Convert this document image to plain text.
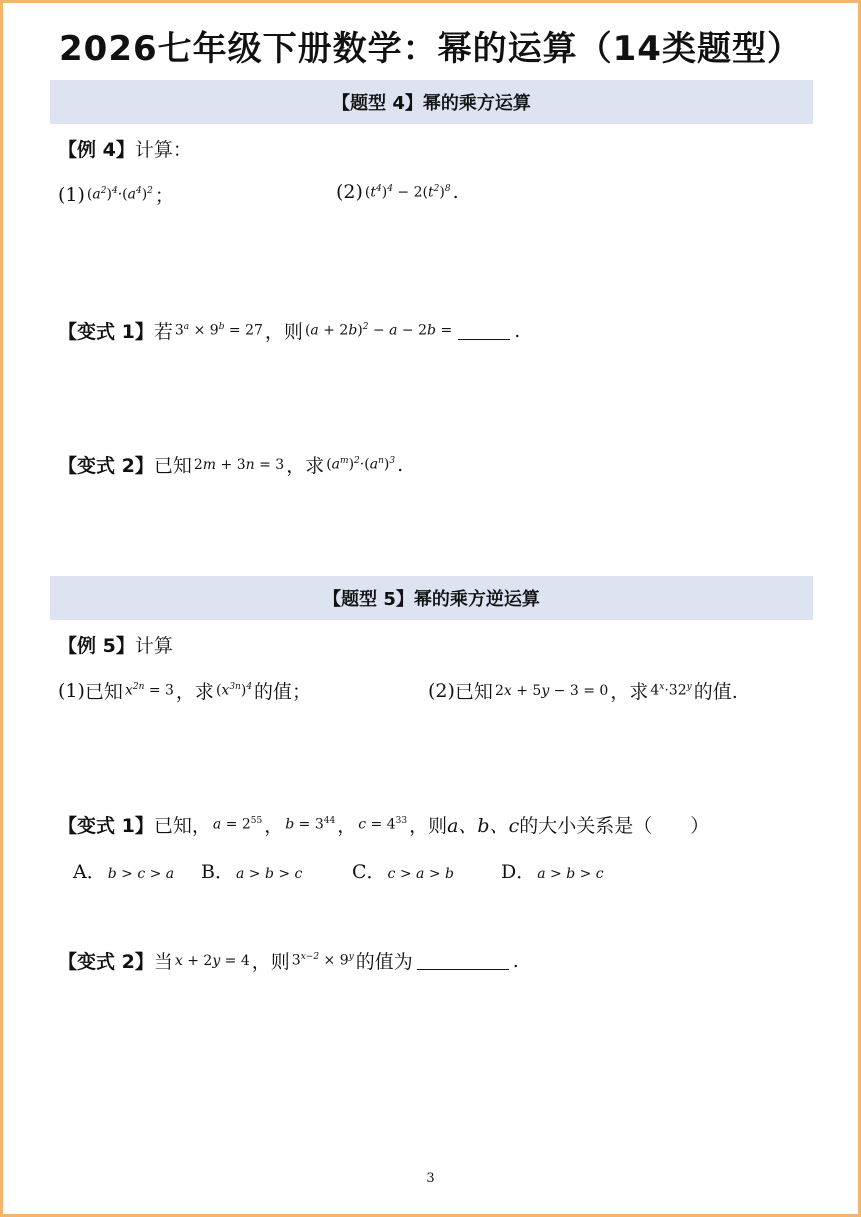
2026七年级下册数学：幂的运算（14类题型）
【题型 4】幂的乘方运算
【例 4】 计算：
(1) $(a^2)^4\cdot(a^4)^2$ ；	(2) $(t^4)^4 - 2(t^2)^8$ .
【变式 1】 若 $3^a \times 9^b = 27$ ，则 $(a + 2b)^2 - a - 2b$ =	.
【变式 2】 已知 2m + 3n = 3 ，求 $(a^m)^2\cdot(a^n)^3$ .
【题型 5】幂的乘方逆运算
【例 5】 计算
(1) 已知 $x^{2n} = 3$ ，求 $(x^{3n})^4$ 的值；	(2) 已知 2x + 5y − 3 = 0 ，求 $4^x\cdot 32^y$ 的值.
【变式 1】 已知， $a = 2^{55}$ ， $b = 3^{44}$ ， $c = 4^{33}$ ，则 a、b、c 的大小关系是（　　）
A． b > c > a B． a > b > c	C． c > a > b D． a > b > c
【变式 2】 当 x + 2y = 4 ，则 $3^{x-2} \times 9^y$ 的值为	.
3
